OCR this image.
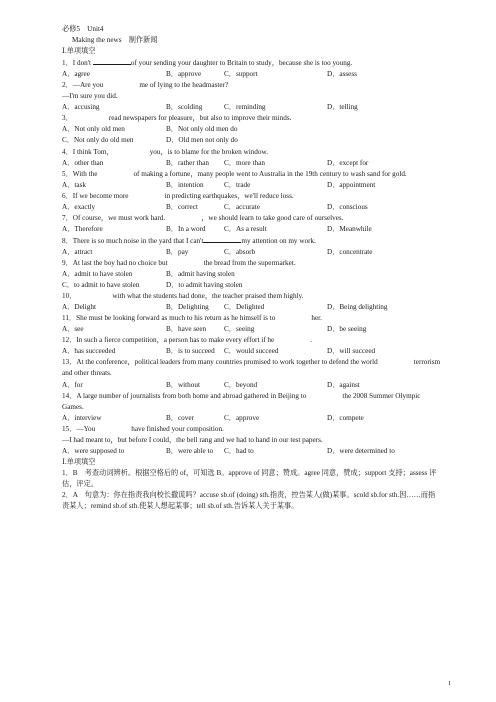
必修5　Unit4
Making the news　制作新闻
Ⅰ.单项填空
1．I don't	of your sending your daughter to Britain to study，because she is too young.
A．agree	B．approve	C．support	D．assess
2．—Are you	me of lying to the headmaster?
—I'm sure you did.
A．accusing	B．scolding	C．reminding	D．telling
3．	read newspapers for pleasure，but also to improve their minds.
A．Not only old men	B．Not only old men do
C．Not only do old men	D．Old men not only do
4．I think Tom，	you，is to blame for the broken window.
A．other than	B．rather than	C．more than	D．except for
5．With the	of making a fortune，many people went to Australia in the 19th century to wash sand for gold.
A．task	B．intention	C．trade	D．appointment
6．If we become more	in predicting earthquakes，we'll reduce loss.
A．exactly	B．correct	C．accurate	D．conscious
7．Of course，we must work hard.	，we should learn to take good care of ourselves.
A．Therefore	B．In a word	C．As a result	D．Meanwhile
8．There is so much noise in the yard that I can't	my attention on my work.
A．attract	B．pay	C．absorb	D．concentrate
9．At last the boy had no choice but	the bread from the supermarket.
A．admit to have stolen	B．admit having stolen
C．to admit to have stolen	D．to admit having stolen
10．	with what the students had done，the teacher praised them highly.
A．Delight	B．Delighting	C．Delighted	D．Being delighting
11．She must be looking forward as much to his return as he himself is to	her.
A．see	B．have seen	C．seeing	D．be seeing
12．In such a fierce competition，a person has to make every effort if he	.
A．has succeeded	B．is to succeed	C．would succeed	D．will succeed
13．At the conference，political leaders from many countries promised to work together to defend the world	terrorism and other threats.
A．for	B．without	C．beyond	D．against
14．A large number of journalists from both home and abroad gathered in Beijing to	the 2008 Summer Olympic Games.
A．interview	B．cover	C．approve	D．compete
15．—You	have finished your composition.
—I had meant to，but before I could，the bell rang and we had to hand in our test papers.
A．were supposed to	B．were able to	C．had to	D．were determined to
Ⅰ.单项填空
1．B　考查动词辨析。根据空格后的 of，可知选 B。approve of 同意；赞成。agree 同意，赞成；support 支持；assess 评估，评定。
2．A　句意为：你在指责我向校长撒谎吗？accuse sb.of (doing) sth.指责，控告某人(做)某事。scold sb.for sth.因……而指责某人；remind sb.of sth.使某人想起某事；tell sb.of sth.告诉某人关于某事。
1
